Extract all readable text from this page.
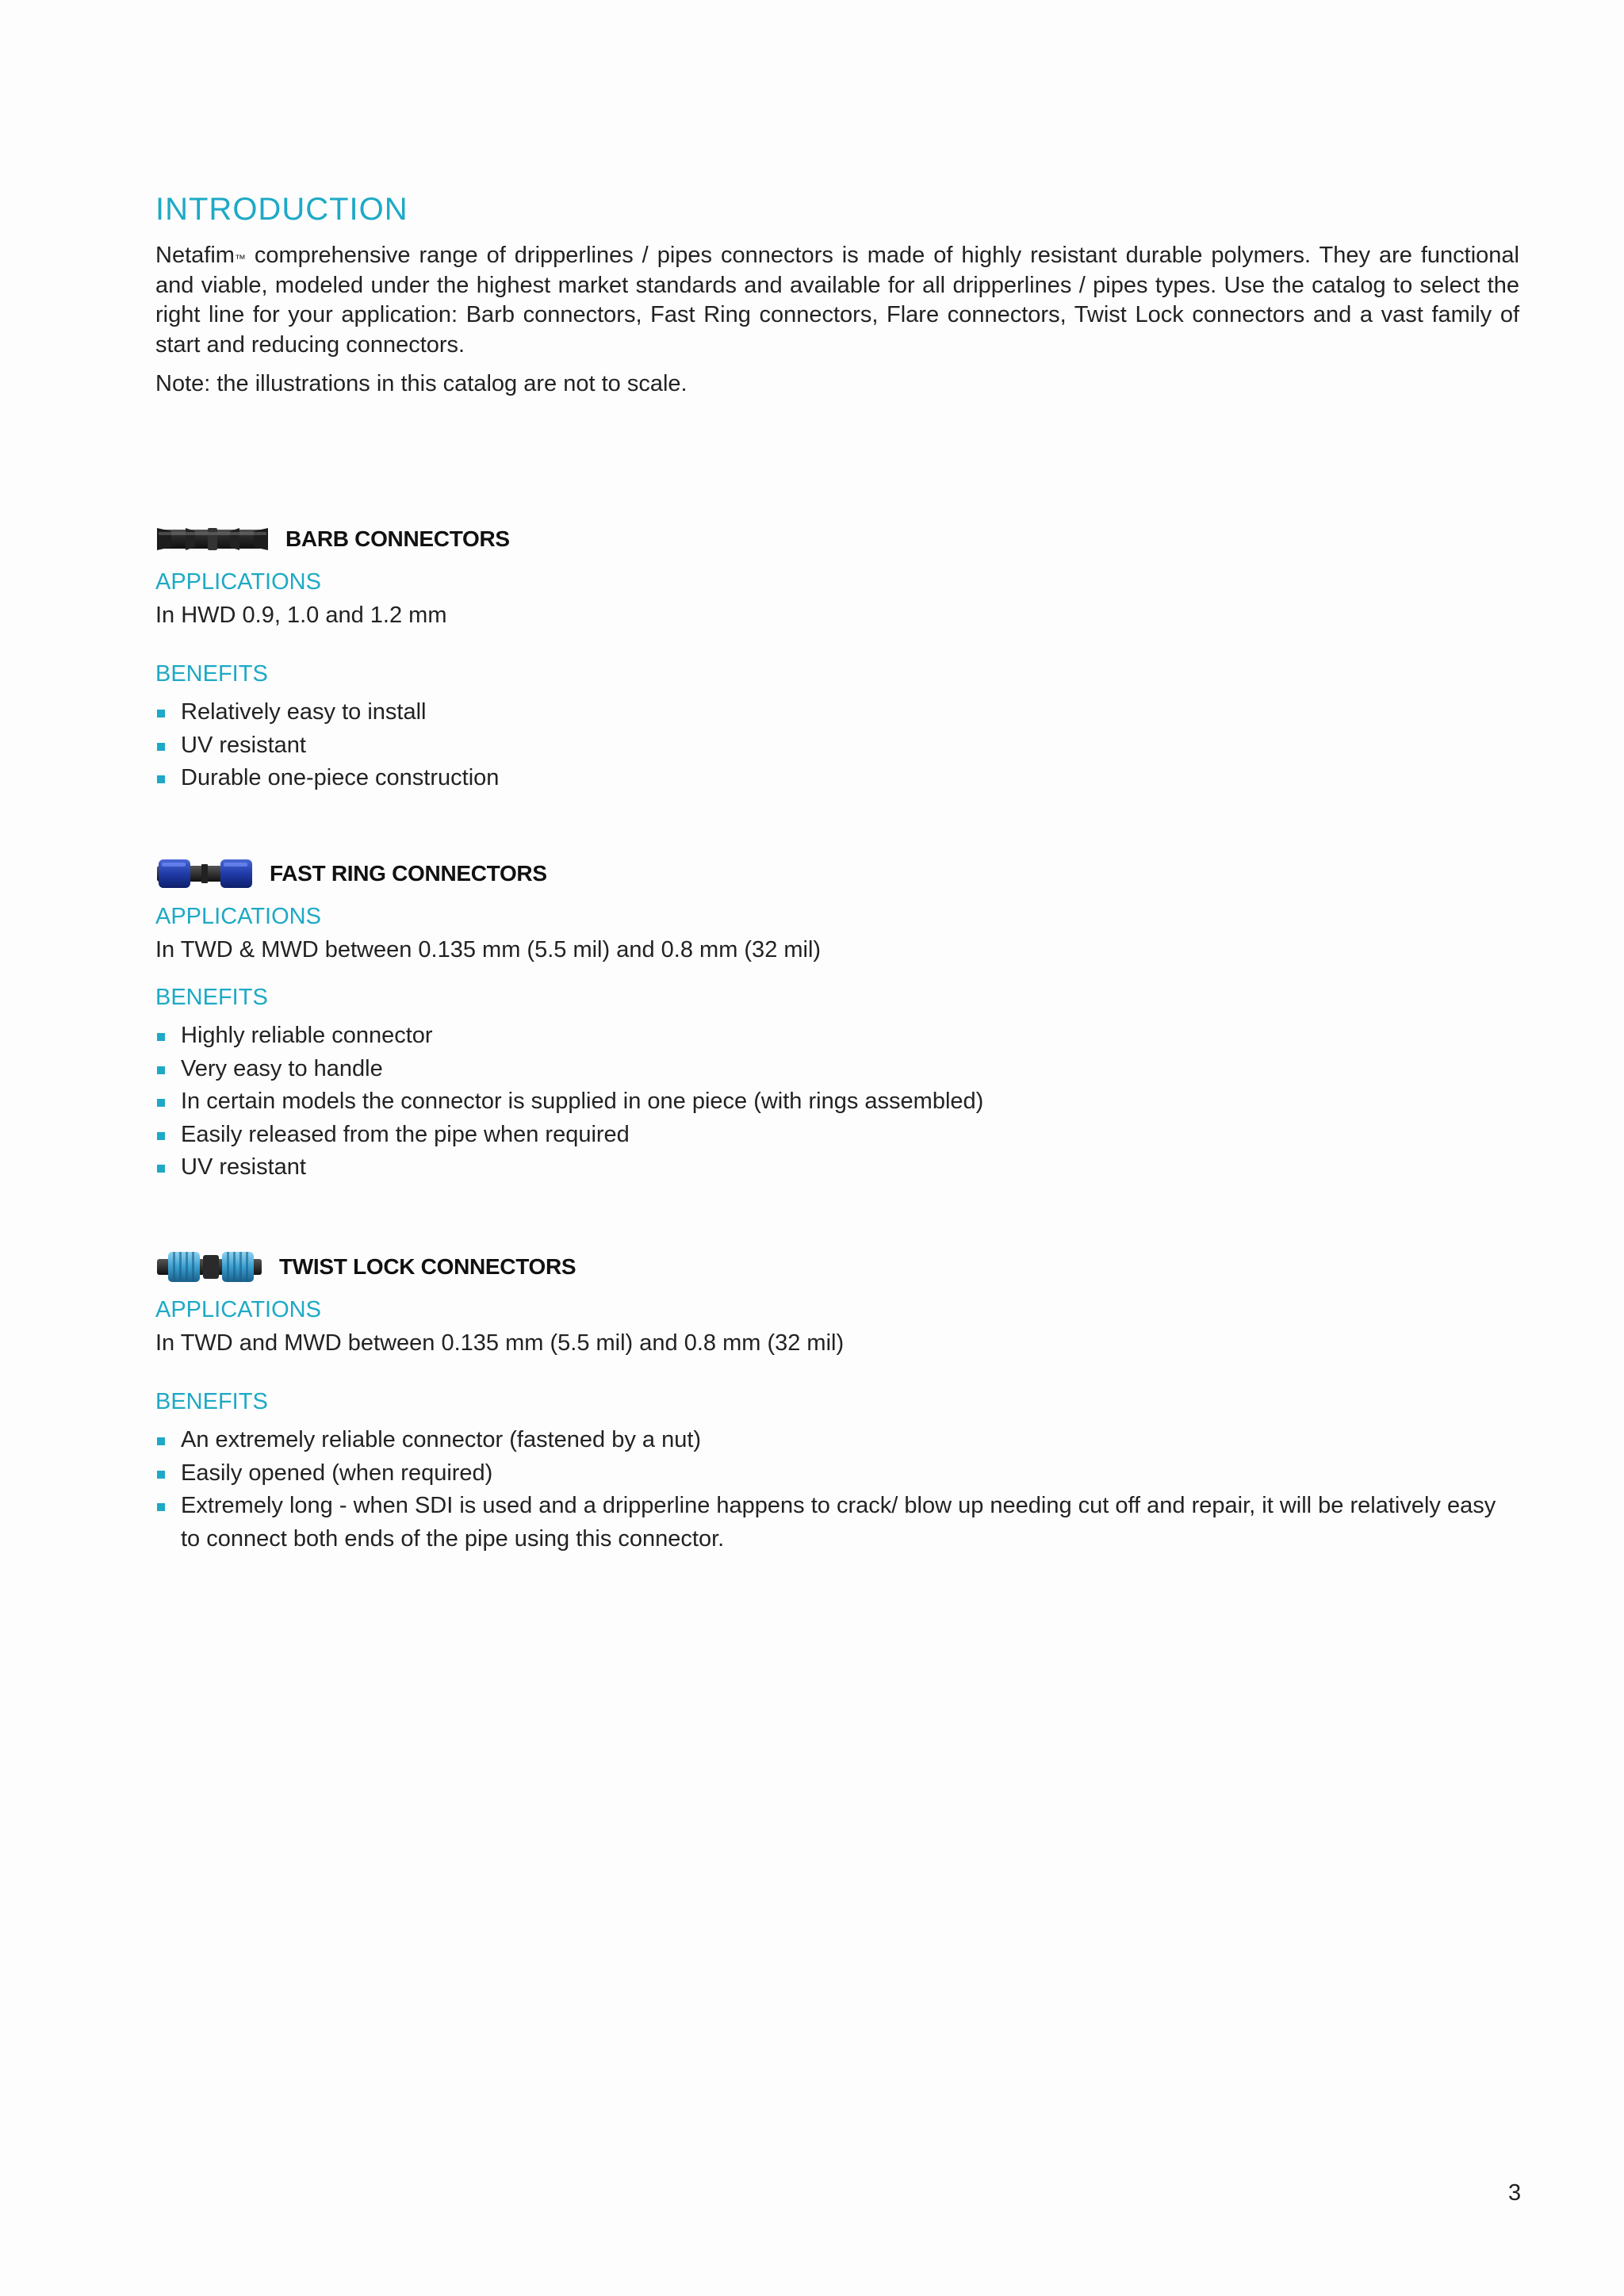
INTRODUCTION

Netafim™ comprehensive range of dripperlines / pipes connectors is made of highly resistant durable polymers. They are functional and viable, modeled under the highest market standards and available for all dripperlines / pipes types. Use the catalog to select the right line for your application: Barb connectors, Fast Ring connectors, Flare connectors, Twist Lock connectors and a vast family of start and reducing connectors.

Note: the illustrations in this catalog are not to scale.

BARB CONNECTORS

APPLICATIONS

In HWD 0.9, 1.0 and 1.2 mm

BENEFITS

Relatively easy to install
UV resistant
Durable one-piece construction
FAST RING CONNECTORS

APPLICATIONS

In TWD & MWD between 0.135 mm (5.5 mil) and 0.8 mm (32 mil)

BENEFITS

Highly reliable connector
Very easy to handle
In certain models the connector is supplied in one piece (with rings assembled)
Easily released from the pipe when required
UV resistant
TWIST LOCK CONNECTORS

APPLICATIONS

In TWD and MWD between 0.135 mm (5.5 mil) and 0.8 mm (32 mil)

BENEFITS

An extremely reliable connector (fastened by a nut)
Easily opened (when required)
Extremely long - when SDI is used and a dripperline happens to crack/ blow up needing cut off and repair, it will be relatively easy to connect both ends of the pipe using this connector.
3
